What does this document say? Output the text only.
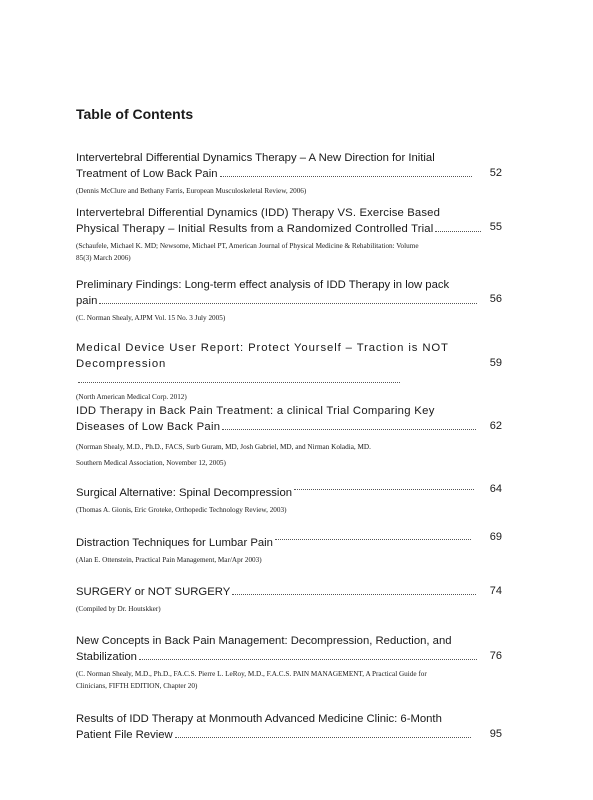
Table of Contents
Intervertebral Differential Dynamics Therapy – A New Direction for Initial
Treatment of Low Back Pain	52
(Dennis McClure and Bethany Farris, European Musculoskeletal Review, 2006)
Intervertebral Differential Dynamics (IDD) Therapy VS. Exercise Based
Physical Therapy – Initial Results from a Randomized Controlled Trial	55
(Schaufele, Michael K. MD; Newsome, Michael PT, American Journal of Physical Medicine & Rehabilitation: Volume
85(3) March 2006)
Preliminary Findings: Long-term effect analysis of IDD Therapy in low pack
pain	56
(C. Norman Shealy, AJPM Vol. 15 No. 3 July 2005)
Medical Device User Report: Protect Yourself – Traction is NOT
Decompression	59
(North American Medical Corp. 2012)
IDD Therapy in Back Pain Treatment: a clinical Trial Comparing Key
Diseases of Low Back Pain	62
(Norman Shealy, M.D., Ph.D., FACS, Surb Guram, MD, Josh Gabriel, MD, and Nirman Koladia, MD.
Southern Medical Association, November 12, 2005)
Surgical Alternative: Spinal Decompression	64
(Thomas A. Gionis, Eric Groteke, Orthopedic Technology Review, 2003)
Distraction Techniques for Lumbar Pain	69
(Alan E. Ottenstein, Practical Pain Management, Mar/Apr 2003)
SURGERY or NOT SURGERY	74
(Compiled by Dr. Houtskker)
New Concepts in Back Pain Management: Decompression, Reduction, and
Stabilization	76
(C. Norman Shealy, M.D., Ph.D., FA.C.S. Pierre L. LeRoy, M.D., F.A.C.S. PAIN MANAGEMENT, A Practical Guide for
Clinicians, FIFTH EDITION, Chapter 20)
Results of IDD Therapy at Monmouth Advanced Medicine Clinic: 6-Month
Patient File Review	95
